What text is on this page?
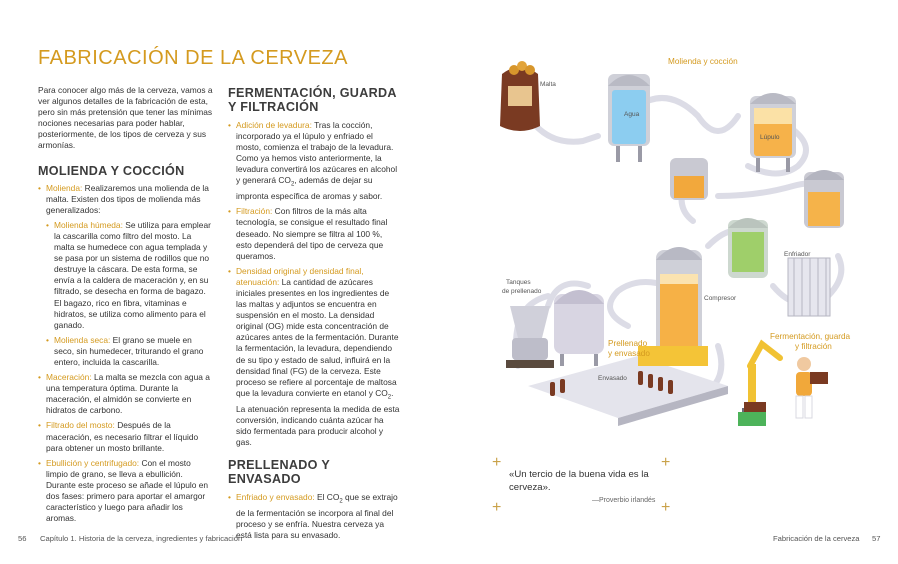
FABRICACIÓN DE LA CERVEZA

Para conocer algo más de la cerveza, vamos a ver algunos detalles de la fabricación de esta, pero sin más pretensión que tener las mínimas nociones necesarias para poder hablar, posteriormente, de los tipos de cerveza y sus armonías.

MOLIENDA Y COCCIÓN
• Molienda: Realizaremos una molienda de la malta. Existen dos tipos de molienda más generalizados:
• Molienda húmeda: Se utiliza para emplear la cascarilla como filtro del mosto. La malta se humedece con agua templada y se pasa por un sistema de rodillos que no destruye la cáscara. De esta forma, se envía a la caldera de maceración y, en su filtrado, se desecha en forma de bagazo. El bagazo, rico en fibra, vitaminas e hidratos, se utiliza como alimento para el ganado.
• Molienda seca: El grano se muele en seco, sin humedecer, triturando el grano entero, incluida la cascarilla.
• Maceración: La malta se mezcla con agua a una temperatura óptima. Durante la maceración, el almidón se convierte en hidratos de carbono.
• Filtrado del mosto: Después de la maceración, es necesario filtrar el líquido para obtener un mosto brillante.
• Ebullición y centrifugado: Con el mosto limpio de grano, se lleva a ebullición. Durante este proceso se añade el lúpulo en dos fases: primero para aportar el amargor característico y luego para añadir los aromas.
FERMENTACIÓN, GUARDA Y FILTRACIÓN
• Adición de levadura: Tras la cocción, incorporado ya el lúpulo y enfriado el mosto, comienza el trabajo de la levadura. Como ya hemos visto anteriormente, la levadura convertirá los azúcares en alcohol y generará $CO_2$, además de dejar su impronta específica de aromas y sabor.
• Filtración: Con filtros de la más alta tecnología, se consigue el resultado final deseado. No siempre se filtra al 100 %, esto dependerá del tipo de cerveza que queramos.
• Densidad original y densidad final, atenuación: La cantidad de azúcares iniciales presentes en los ingredientes de las maltas y adjuntos se encuentra en suspensión en el mosto. La densidad original (OG) mide esta concentración de azúcares antes de la fermentación. Durante la fermentación, la levadura, dependiendo de su tipo y estado de salud, influirá en la densidad final (FG) de la cerveza. Este proceso se refiere al porcentaje de maltosa que la levadura convierte en etanol y $CO_2$. La atenuación representa la medida de esta conversión, indicando cuánta azúcar ha sido fermentada para producir alcohol y gas.
PRELLENADO Y ENVASADO
• Enfriado y envasado: El $CO_2$ que se extrajo de la fermentación se incorpora al final del proceso y se enfría. Nuestra cerveza ya está lista para su envasado.
Malta
Agua
Lúpulo
Enfriador
Compresor
Tanques
de prellenado
Envasado
Molienda y cocción
Fermentación, guarda
y filtración
Prellenado
y envasado
+	+
+	+
«Un tercio de la buena vida es la cerveza».
—Proverbio irlandés
56 Capítulo 1. Historia de la cerveza, ingredientes y fabricación	Fabricación de la cerveza 57
